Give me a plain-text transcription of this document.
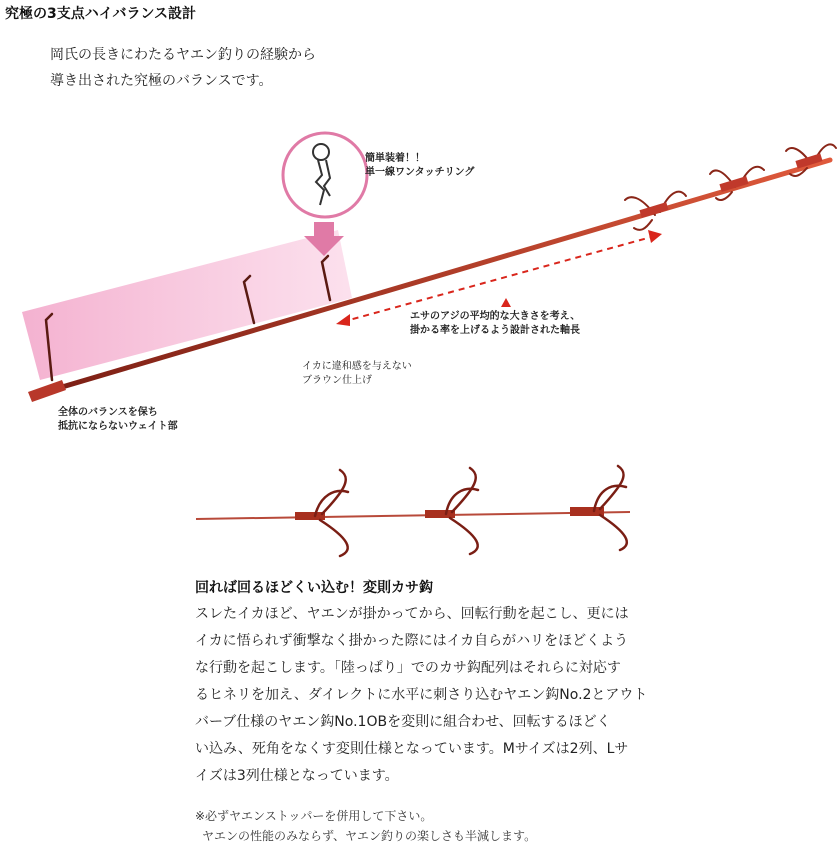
究極の3支点ハイバランス設計
岡氏の長きにわたるヤエン釣りの経験から
導き出された究極のバランスです。
簡単装着！！
単一線ワンタッチリング
エサのアジの平均的な大きさを考え、
掛かる率を上げるよう設計された軸長
イカに違和感を与えない
ブラウン仕上げ
全体のバランスを保ち
抵抗にならないウェイト部
回れば回るほどくい込む！変則カサ鈎
スレたイカほど、ヤエンが掛かってから、回転行動を起こし、更には
イカに悟られず衝撃なく掛かった際にはイカ自らがハリをほどくよう
な行動を起こします。「陸っぱり」でのカサ鈎配列はそれらに対応す
るヒネリを加え、ダイレクトに水平に刺さり込むヤエン鈎No.2とアウト
バーブ仕様のヤエン鈎No.1OBを変則に組合わせ、回転するほどく
い込み、死角をなくす変則仕様となっています。Mサイズは2列、Lサ
イズは3列仕様となっています。
※必ずヤエンストッパーを併用して下さい。
ヤエンの性能のみならず、ヤエン釣りの楽しさも半減します。
